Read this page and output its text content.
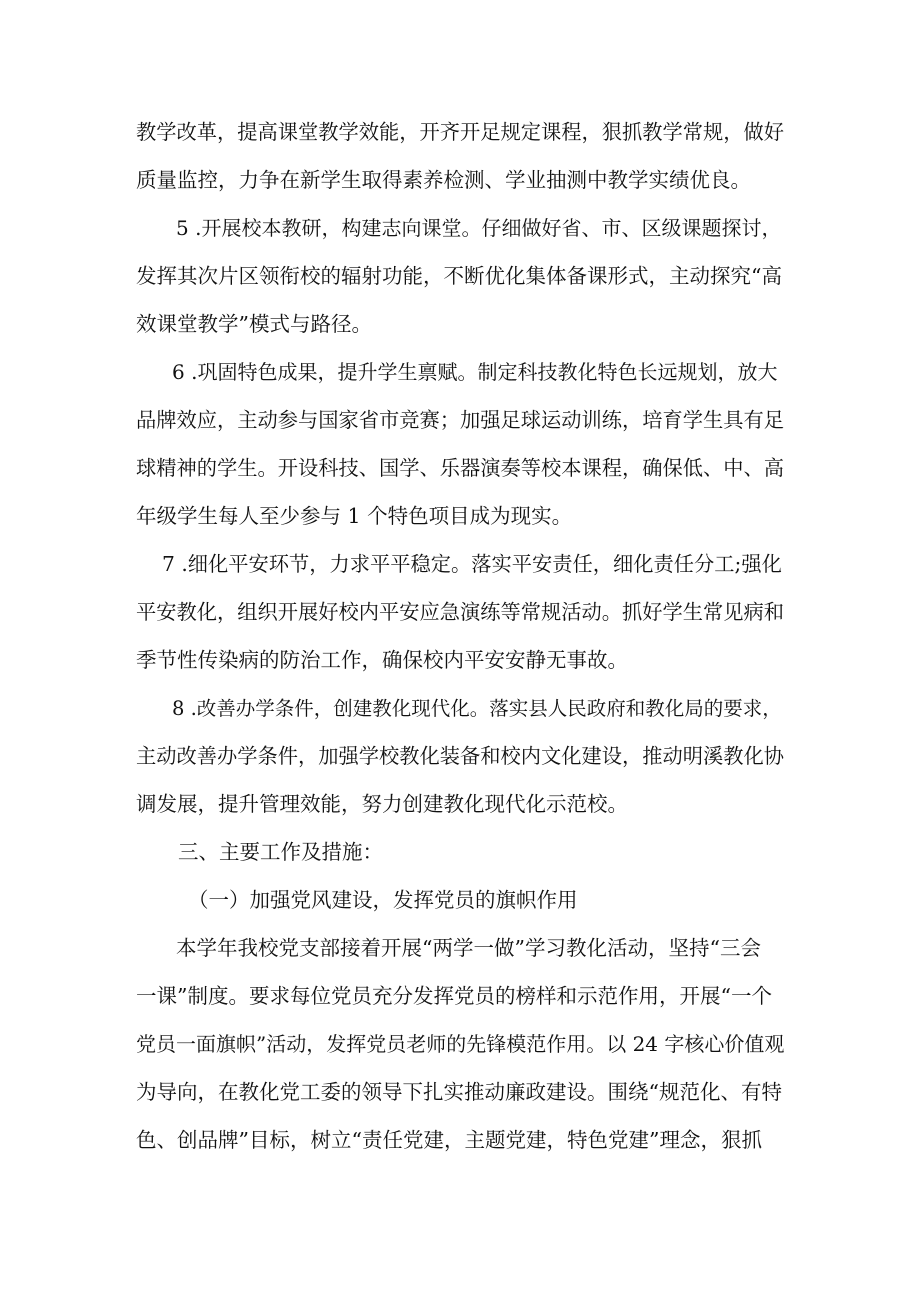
教学改革，提高课堂教学效能，开齐开足规定课程，狠抓教学常规，做好
质量监控，力争在新学生取得素养检测、学业抽测中教学实绩优良。
5 .开展校本教研，构建志向课堂。仔细做好省、市、区级课题探讨，
发挥其次片区领衔校的辐射功能，不断优化集体备课形式，主动探究“高
效课堂教学”模式与路径。
6 .巩固特色成果，提升学生禀赋。制定科技教化特色长远规划，放大
品牌效应，主动参与国家省市竞赛；加强足球运动训练，培育学生具有足
球精神的学生。开设科技、国学、乐器演奏等校本课程，确保低、中、高
年级学生每人至少参与 1 个特色项目成为现实。
7 .细化平安环节，力求平平稳定。落实平安责任，细化责任分工;强化
平安教化，组织开展好校内平安应急演练等常规活动。抓好学生常见病和
季节性传染病的防治工作，确保校内平安安静无事故。
8 .改善办学条件，创建教化现代化。落实县人民政府和教化局的要求，
主动改善办学条件，加强学校教化装备和校内文化建设，推动明溪教化协
调发展，提升管理效能，努力创建教化现代化示范校。
三、主要工作及措施：
（一）加强党风建设，发挥党员的旗帜作用
本学年我校党支部接着开展“两学一做”学习教化活动，坚持“三会
一课”制度。要求每位党员充分发挥党员的榜样和示范作用，开展“一个
党员一面旗帜”活动，发挥党员老师的先锋模范作用。以 24 字核心价值观
为导向，在教化党工委的领导下扎实推动廉政建设。围绕“规范化、有特
色、创品牌”目标，树立“责任党建，主题党建，特色党建”理念，狠抓
